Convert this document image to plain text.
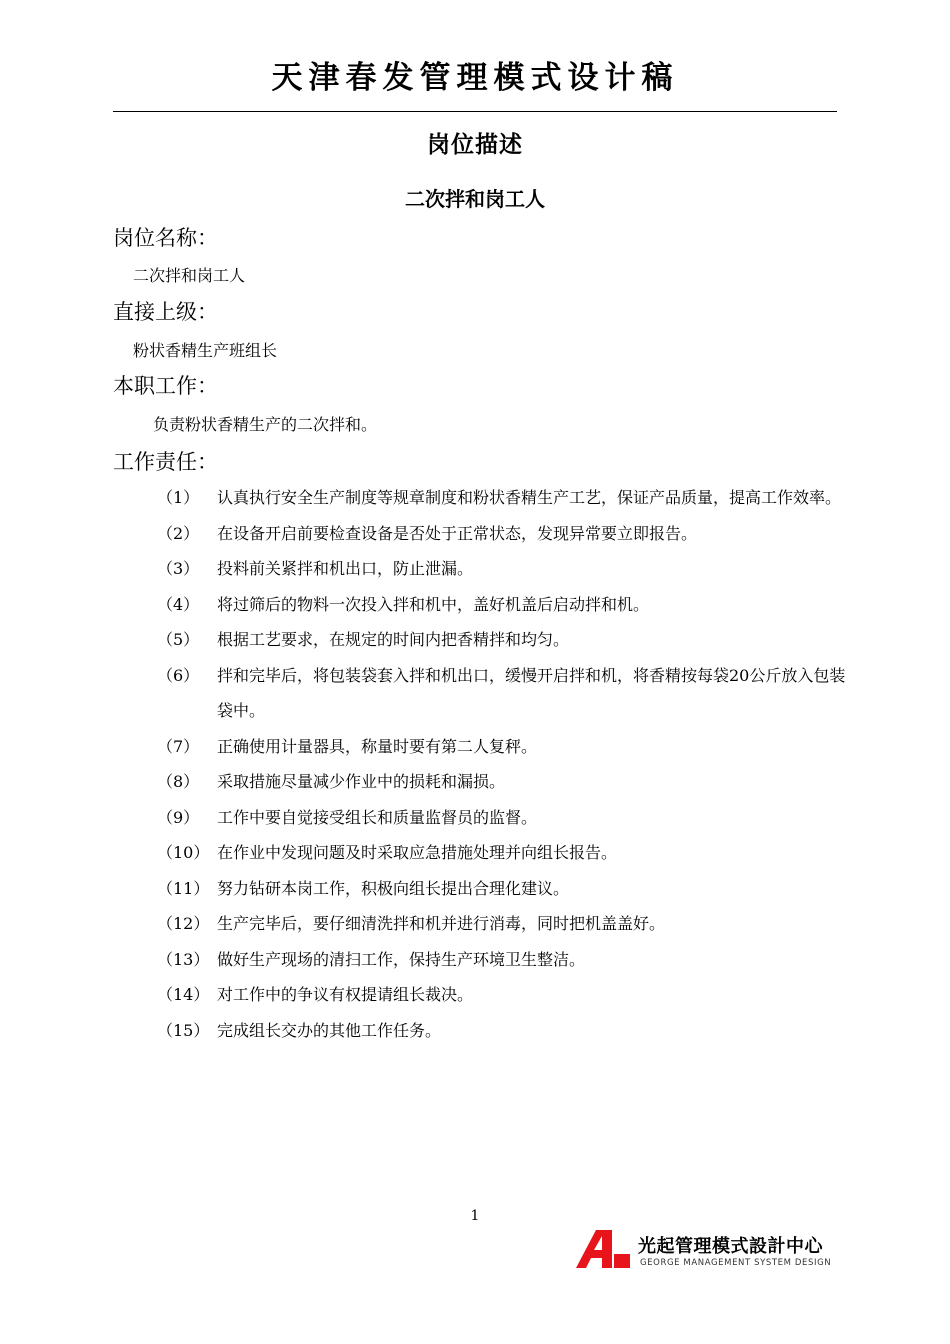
天津春发管理模式设计稿
岗位描述
二次拌和岗工人

岗位名称：

二次拌和岗工人

直接上级：

粉状香精生产班组长

本职工作：

负责粉状香精生产的二次拌和。

工作责任：

（1）	认真执行安全生产制度等规章制度和粉状香精生产工艺，保证产品质量，提高工作效率。
（2）	在设备开启前要检查设备是否处于正常状态，发现异常要立即报告。
（3）	投料前关紧拌和机出口，防止泄漏。
（4）	将过筛后的物料一次投入拌和机中，盖好机盖后启动拌和机。
（5）	根据工艺要求，在规定的时间内把香精拌和均匀。
（6）	拌和完毕后，将包装袋套入拌和机出口，缓慢开启拌和机，将香精按每袋20公斤放入包装袋中。
（7）	正确使用计量器具，称量时要有第二人复秤。
（8）	采取措施尽量减少作业中的损耗和漏损。
（9）	工作中要自觉接受组长和质量监督员的监督。
（10） 在作业中发现问题及时采取应急措施处理并向组长报告。
（11） 努力钻研本岗工作，积极向组长提出合理化建议。
（12） 生产完毕后，要仔细清洗拌和机并进行消毒，同时把机盖盖好。
（13） 做好生产现场的清扫工作，保持生产环境卫生整洁。
（14） 对工作中的争议有权提请组长裁决。
（15） 完成组长交办的其他工作任务。

1

光起管理模式設計中心
GEORGE MANAGEMENT SYSTEM DESIGN
